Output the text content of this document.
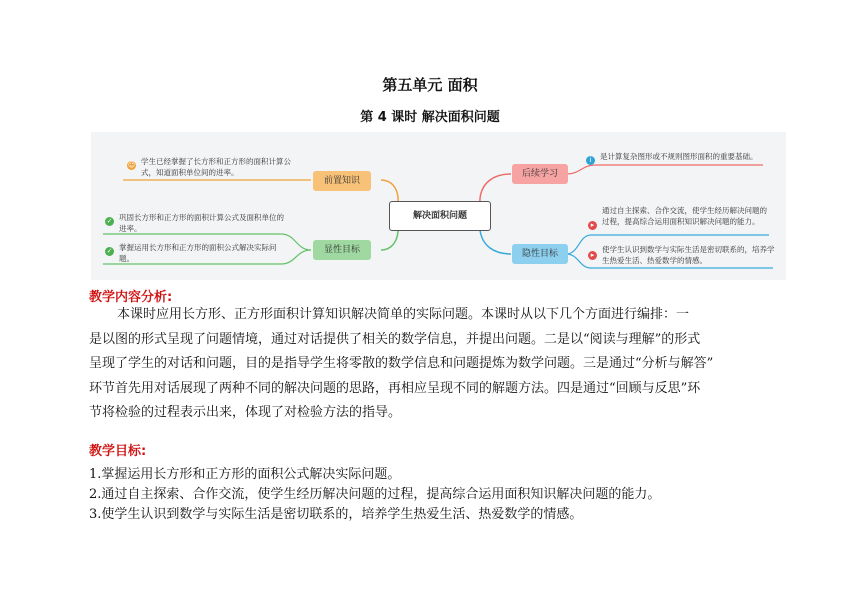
第五单元 面积
第 4 课时 解决面积问题
解决面积问题
前置知识
显性目标
后续学习
隐性目标
☺ 学生已经掌握了长方形和正方形的面积计算公式，知道面积单位间的进率。
✓ 巩固长方形和正方形的面积计算公式及面积单位的进率。
✓ 掌握运用长方形和正方形的面积公式解决实际问题。
i	是计算复杂图形或不规则图形面积的重要基础。
▸
通过自主探索、合作交流，使学生经历解决问题的过程，提高综合运用面积知识解决问题的能力。
▸
使学生认识到数学与实际生活是密切联系的，培养学生热爱生活、热爱数学的情感。
教学内容分析:
本课时应用长方形、正方形面积计算知识解决简单的实际问题。本课时从以下几个方面进行编排：一
是以图的形式呈现了问题情境，通过对话提供了相关的数学信息，并提出问题。二是以“阅读与理解”的形式
呈现了学生的对话和问题，目的是指导学生将零散的数学信息和问题提炼为数学问题。三是通过“分析与解答”
环节首先用对话展现了两种不同的解决问题的思路，再相应呈现不同的解题方法。四是通过“回顾与反思”环
节将检验的过程表示出来，体现了对检验方法的指导。
教学目标:
1.掌握运用长方形和正方形的面积公式解决实际问题。
2.通过自主探索、合作交流，使学生经历解决问题的过程，提高综合运用面积知识解决问题的能力。
3.使学生认识到数学与实际生活是密切联系的，培养学生热爱生活、热爱数学的情感。
